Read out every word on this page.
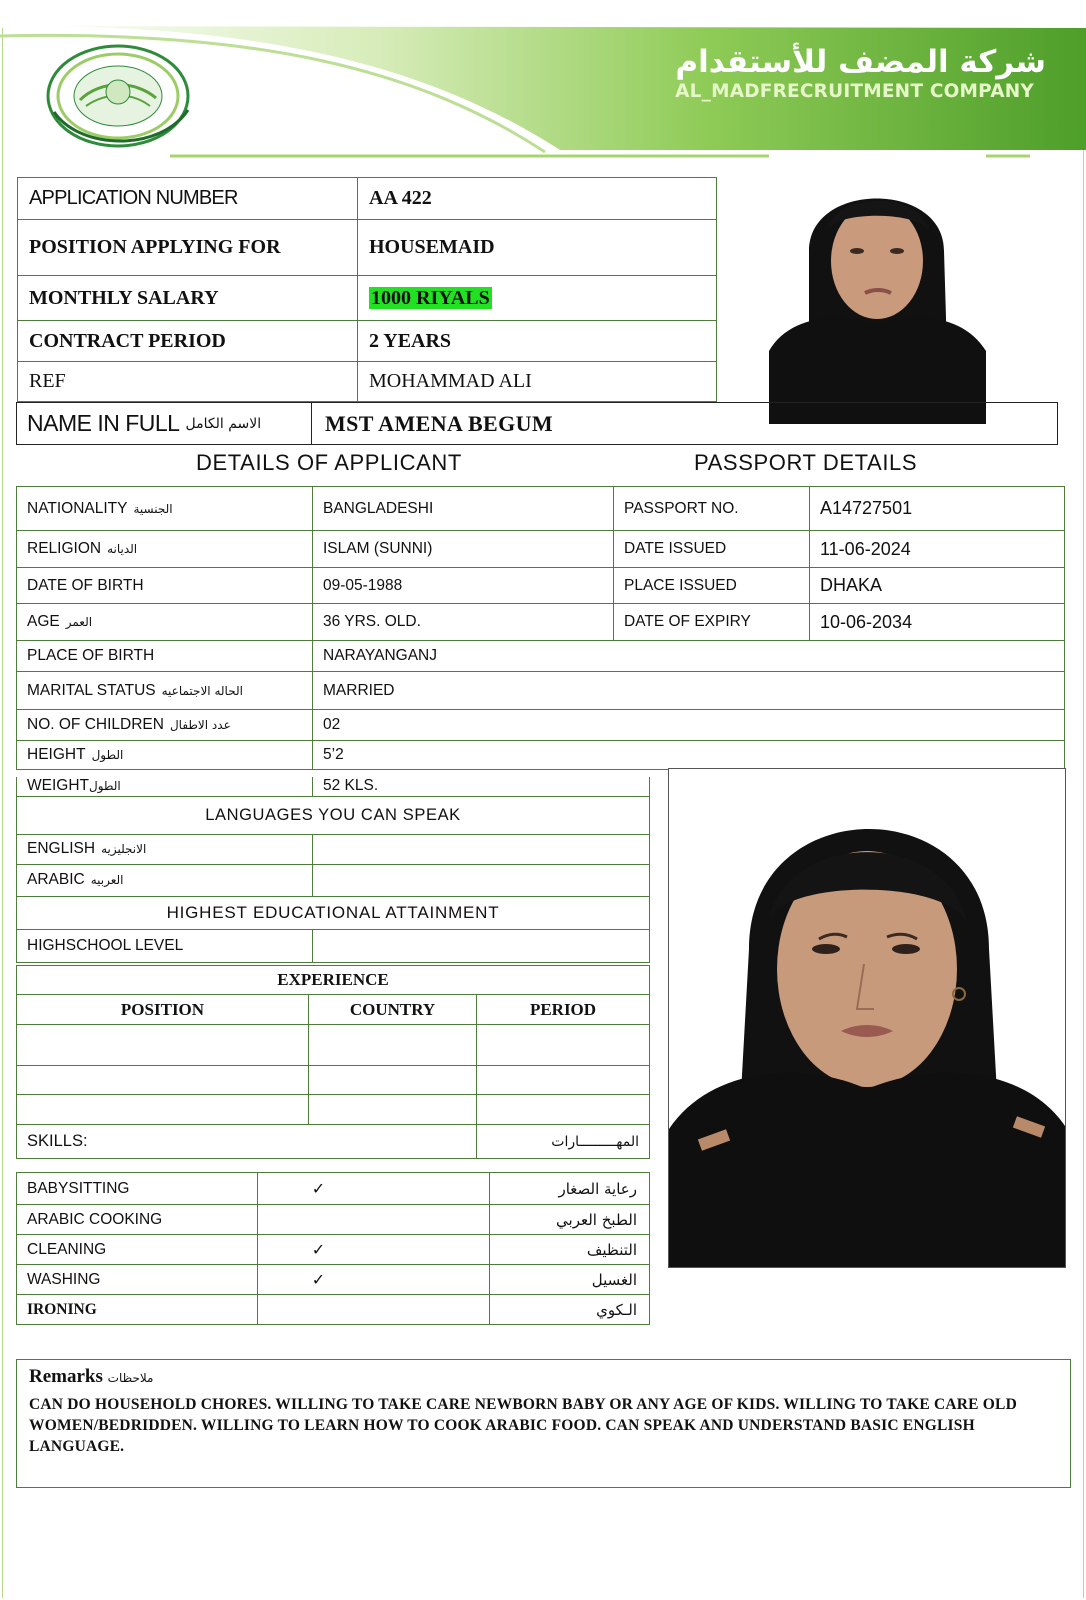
شركة المضف للأستقدام
AL_MADFRECRUITMENT COMPANY
APPLICATION NUMBER	AA 422
POSITION APPLYING FOR	HOUSEMAID
MONTHLY SALARY	1000 RIYALS
CONTRACT PERIOD	2 YEARS
REF	MOHAMMAD ALI
NAME IN FULL الاسم الكامل	MST AMENA BEGUM
DETAILS OF APPLICANT	PASSPORT DETAILS
NATIONALITY الجنسية	BANGLADESHI	PASSPORT NO.	A14727501
RELIGION الديانه	ISLAM (SUNNI)	DATE ISSUED	11-06-2024
DATE OF BIRTH	09-05-1988	PLACE ISSUED	DHAKA
AGE العمر	36 YRS. OLD.	DATE OF EXPIRY	10-06-2034
PLACE OF BIRTH	NARAYANGANJ		
MARITAL STATUS الحاله الاجتماعيه	MARRIED		
NO. OF CHILDREN عدد الاطفال	02		
HEIGHT الطول	5’2		
WEIGHTالطول	52 KLS.
LANGUAGES YOU CAN SPEAK	
ENGLISH الانجليزيه	
ARABIC العربيه	
HIGHEST EDUCATIONAL ATTAINMENT	
HIGHSCHOOL LEVEL	
EXPERIENCE		
POSITION	COUNTRY	PERIOD

SKILLS:		المهـــــــــارات
BABYSITTING	✓	رعاية الصغار
ARABIC COOKING		الطبخ العربي
CLEANING	✓	التنظيف
WASHING	✓	الغسيل
IRONING		الـكوي
Remarks ملاحظات
CAN DO HOUSEHOLD CHORES. WILLING TO TAKE CARE NEWBORN BABY OR ANY AGE OF KIDS. WILLING TO TAKE CARE OLD WOMEN/BEDRIDDEN. WILLING TO LEARN HOW TO COOK ARABIC FOOD. CAN SPEAK AND UNDERSTAND BASIC ENGLISH LANGUAGE.
